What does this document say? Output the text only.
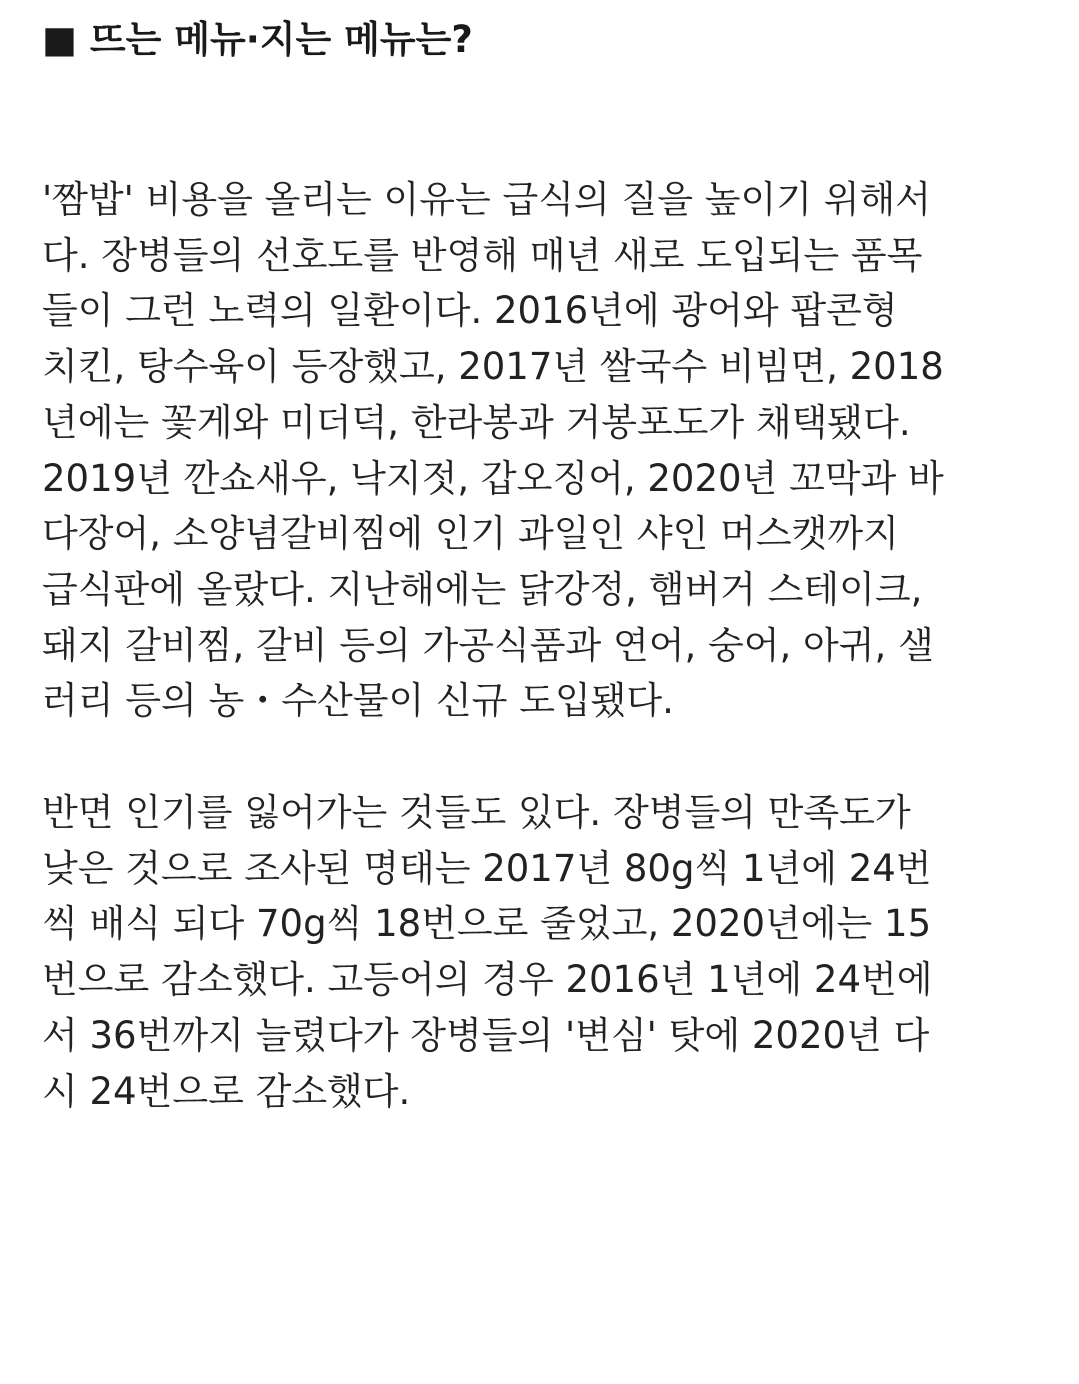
■ 뜨는 메뉴·지는 메뉴는?

'짬밥' 비용을 올리는 이유는 급식의 질을 높이기 위해서
다. 장병들의 선호도를 반영해 매년 새로 도입되는 품목
들이 그런 노력의 일환이다. 2016년에 광어와 팝콘형
치킨, 탕수육이 등장했고, 2017년 쌀국수 비빔면, 2018
년에는 꽃게와 미더덕, 한라봉과 거봉포도가 채택됐다.
2019년 깐쇼새우, 낙지젓, 갑오징어, 2020년 꼬막과 바
다장어, 소양념갈비찜에 인기 과일인 샤인 머스캣까지
급식판에 올랐다. 지난해에는 닭강정, 햄버거 스테이크,
돼지 갈비찜, 갈비 등의 가공식품과 연어, 숭어, 아귀, 샐
러리 등의 농・수산물이 신규 도입됐다.

반면 인기를 잃어가는 것들도 있다. 장병들의 만족도가
낮은 것으로 조사된 명태는 2017년 80g씩 1년에 24번
씩 배식 되다 70g씩 18번으로 줄었고, 2020년에는 15
번으로 감소했다. 고등어의 경우 2016년 1년에 24번에
서 36번까지 늘렸다가 장병들의 '변심' 탓에 2020년 다
시 24번으로 감소했다.
